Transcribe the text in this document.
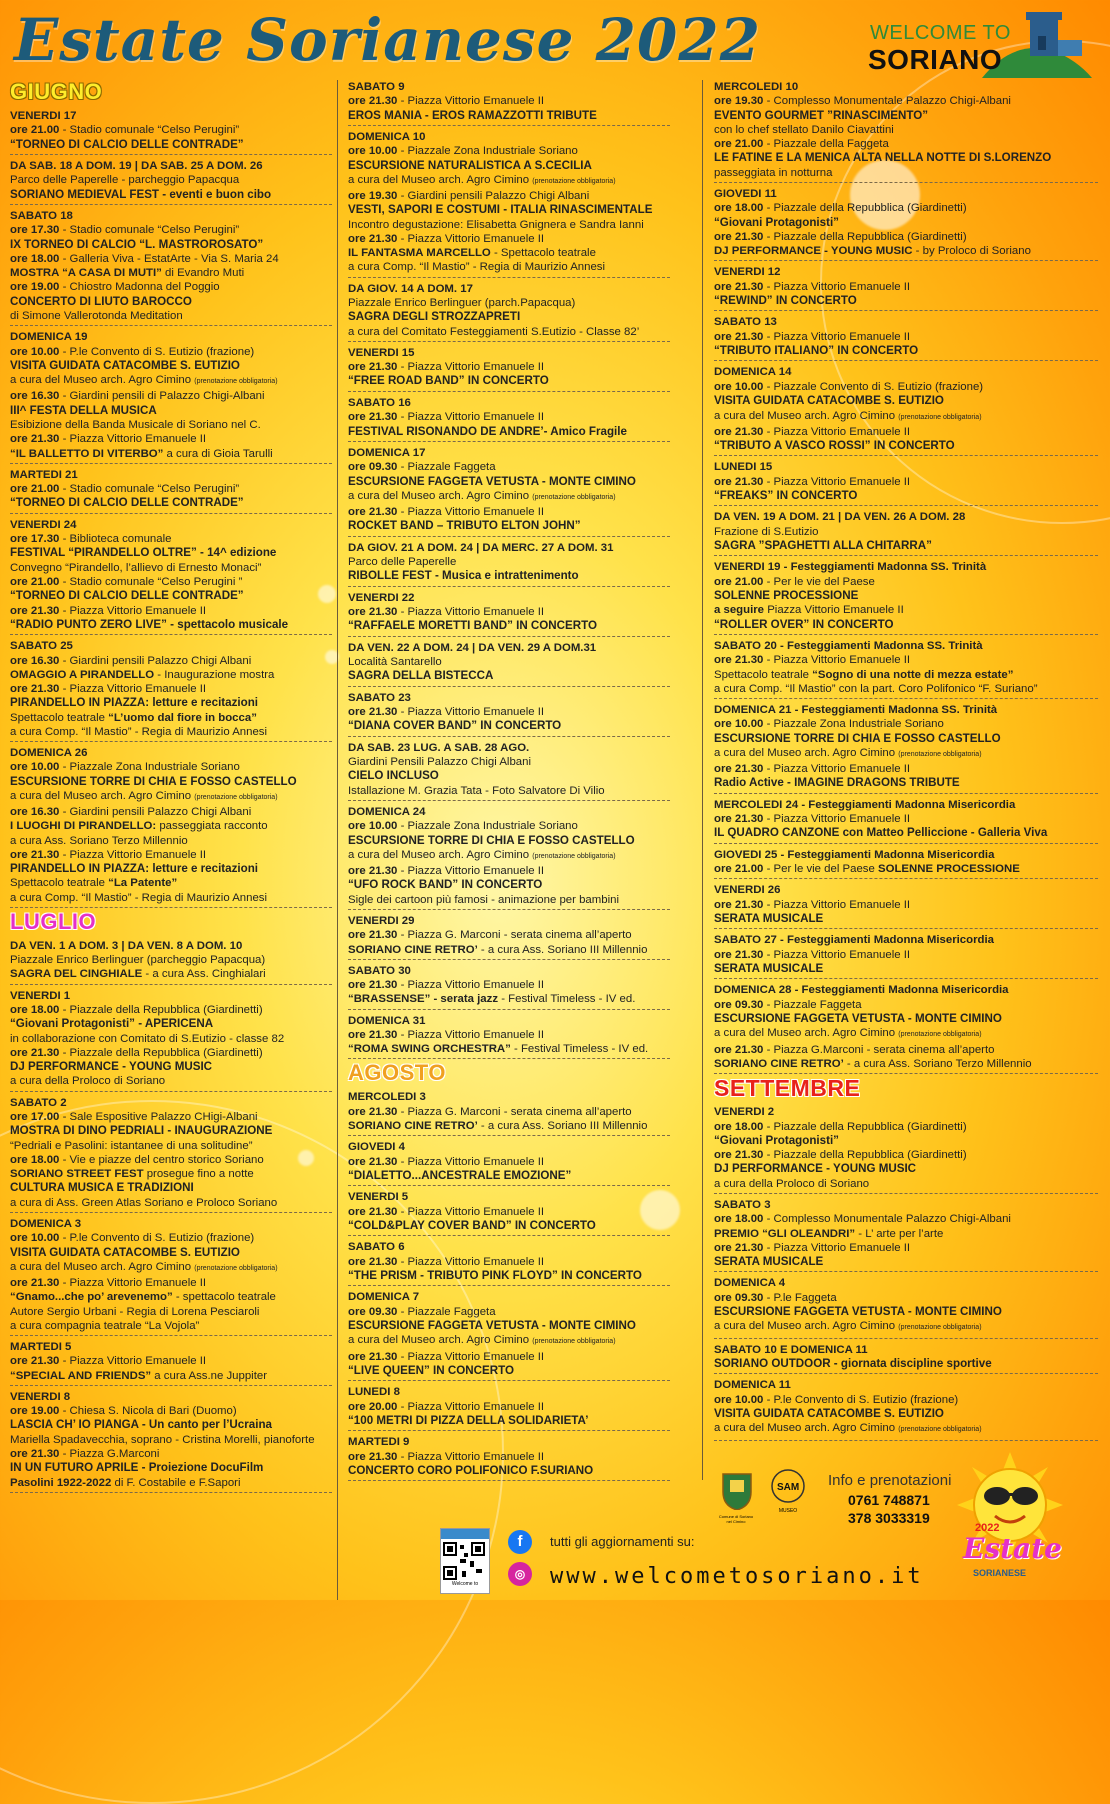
Estate Sorianese 2022	WELCOME TO
SORIANO
GIUGNO
VENERDI 17
ore 21.00 - Stadio comunale “Celso Perugini”
“TORNEO DI CALCIO DELLE CONTRADE”
DA SAB. 18 A DOM. 19 | DA SAB. 25 A DOM. 26
Parco delle Paperelle - parcheggio Papacqua
SORIANO MEDIEVAL FEST - eventi e buon cibo
SABATO 18
ore 17.30 - Stadio comunale “Celso Perugini”
IX TORNEO DI CALCIO “L. MASTROROSATO”
ore 18.00 - Galleria Viva - EstatArte - Via S. Maria 24
MOSTRA “A CASA DI MUTI” di Evandro Muti
ore 19.00 - Chiostro Madonna del Poggio
CONCERTO DI LIUTO BAROCCO
di Simone Vallerotonda Meditation
DOMENICA 19
ore 10.00 - P.le Convento di S. Eutizio (frazione)
VISITA GUIDATA CATACOMBE S. EUTIZIO
a cura del Museo arch. Agro Cimino (prenotazione obbligatoria)
ore 16.30 - Giardini pensili di Palazzo Chigi-Albani
III^ FESTA DELLA MUSICA
Esibizione della Banda Musicale di Soriano nel C.
ore 21.30 - Piazza Vittorio Emanuele II
“IL BALLETTO DI VITERBO” a cura di Gioia Tarulli
MARTEDI 21
ore 21.00 - Stadio comunale “Celso Perugini”
“TORNEO DI CALCIO DELLE CONTRADE”
VENERDI 24
ore 17.30 - Biblioteca comunale
FESTIVAL “PIRANDELLO OLTRE” - 14^ edizione
Convegno “Pirandello, l’allievo di Ernesto Monaci”
ore 21.00 - Stadio comunale “Celso Perugini ”
“TORNEO DI CALCIO DELLE CONTRADE”
ore 21.30 - Piazza Vittorio Emanuele II
“RADIO PUNTO ZERO LIVE” - spettacolo musicale
SABATO 25
ore 16.30 - Giardini pensili Palazzo Chigi Albani
OMAGGIO A PIRANDELLO - Inaugurazione mostra
ore 21.30 - Piazza Vittorio Emanuele II
PIRANDELLO IN PIAZZA: letture e recitazioni
Spettacolo teatrale “L’uomo dal fiore in bocca”
a cura Comp. “Il Mastio” - Regia di Maurizio Annesi
DOMENICA 26
ore 10.00 - Piazzale Zona Industriale Soriano
ESCURSIONE TORRE DI CHIA E FOSSO CASTELLO
a cura del Museo arch. Agro Cimino (prenotazione obbligatoria)
ore 16.30 - Giardini pensili Palazzo Chigi Albani
I LUOGHI DI PIRANDELLO: passeggiata racconto
a cura Ass. Soriano Terzo Millennio
ore 21.30 - Piazza Vittorio Emanuele II
PIRANDELLO IN PIAZZA: letture e recitazioni
Spettacolo teatrale “La Patente”
a cura Comp. “Il Mastio” - Regia di Maurizio Annesi
LUGLIO
DA VEN. 1 A DOM. 3 | DA VEN. 8 A DOM. 10
Piazzale Enrico Berlinguer (parcheggio Papacqua)
SAGRA DEL CINGHIALE - a cura Ass. Cinghialari
VENERDI 1
ore 18.00 - Piazzale della Repubblica (Giardinetti)
“Giovani Protagonisti” - APERICENA
in collaborazione con Comitato di S.Eutizio - classe 82
ore 21.30 - Piazzale della Repubblica (Giardinetti)
DJ PERFORMANCE - YOUNG MUSIC
a cura della Proloco di Soriano
SABATO 2
ore 17.00 - Sale Espositive Palazzo CHigi-Albani
MOSTRA DI DINO PEDRIALI - INAUGURAZIONE
“Pedriali e Pasolini: istantanee di una solitudine”
ore 18.00 - Vie e piazze del centro storico Soriano
SORIANO STREET FEST prosegue fino a notte
CULTURA MUSICA E TRADIZIONI
a cura di Ass. Green Atlas Soriano e Proloco Soriano
DOMENICA 3
ore 10.00 - P.le Convento di S. Eutizio (frazione)
VISITA GUIDATA CATACOMBE S. EUTIZIO
a cura del Museo arch. Agro Cimino (prenotazione obbligatoria)
ore 21.30 - Piazza Vittorio Emanuele II
“Gnamo...che po’ arevenemo” - spettacolo teatrale
Autore Sergio Urbani - Regia di Lorena Pesciaroli
a cura compagnia teatrale “La Vojola”
MARTEDI 5
ore 21.30 - Piazza Vittorio Emanuele II
“SPECIAL AND FRIENDS” a cura Ass.ne Juppiter
VENERDI 8
ore 19.00 - Chiesa S. Nicola di Bari (Duomo)
LASCIA CH’ IO PIANGA - Un canto per l’Ucraina
Mariella Spadavecchia, soprano - Cristina Morelli, pianoforte
ore 21.30 - Piazza G.Marconi
IN UN FUTURO APRILE - Proiezione DocuFilm
Pasolini 1922-2022 di F. Costabile e F.Sapori
SABATO 9
ore 21.30 - Piazza Vittorio Emanuele II
EROS MANIA - EROS RAMAZZOTTI TRIBUTE
DOMENICA 10
ore 10.00 - Piazzale Zona Industriale Soriano
ESCURSIONE NATURALISTICA A S.CECILIA
a cura del Museo arch. Agro Cimino (prenotazione obbligatoria)
ore 19.30 - Giardini pensili Palazzo Chigi Albani
VESTI, SAPORI E COSTUMI - ITALIA RINASCIMENTALE
Incontro degustazione: Elisabetta Gnignera e Sandra Ianni
ore 21.30 - Piazza Vittorio Emanuele II
IL FANTASMA MARCELLO - Spettacolo teatrale
a cura Comp. “Il Mastio” - Regia di Maurizio Annesi
DA GIOV. 14 A DOM. 17
Piazzale Enrico Berlinguer (parch.Papacqua)
SAGRA DEGLI STROZZAPRETI
a cura del Comitato Festeggiamenti S.Eutizio - Classe 82’
VENERDI 15
ore 21.30 - Piazza Vittorio Emanuele II
“FREE ROAD BAND” IN CONCERTO
SABATO 16
ore 21.30 - Piazza Vittorio Emanuele II
FESTIVAL RISONANDO DE ANDRE’- Amico Fragile
DOMENICA 17
ore 09.30 - Piazzale Faggeta
ESCURSIONE FAGGETA VETUSTA - MONTE CIMINO
a cura del Museo arch. Agro Cimino (prenotazione obbligatoria)
ore 21.30 - Piazza Vittorio Emanuele II
ROCKET BAND – TRIBUTO ELTON JOHN”
DA GIOV. 21 A DOM. 24 | DA MERC. 27 A DOM. 31
Parco delle Paperelle
RIBOLLE FEST - Musica e intrattenimento
VENERDI 22
ore 21.30 - Piazza Vittorio Emanuele II
“RAFFAELE MORETTI BAND” IN CONCERTO
DA VEN. 22 A DOM. 24 | DA VEN. 29 A DOM.31
Località Santarello
SAGRA DELLA BISTECCA
SABATO 23
ore 21.30 - Piazza Vittorio Emanuele II
“DIANA COVER BAND” IN CONCERTO
DA SAB. 23 LUG. A SAB. 28 AGO.
Giardini Pensili Palazzo Chigi Albani
CIELO INCLUSO
Istallazione M. Grazia Tata - Foto Salvatore Di Vilio
DOMENICA 24
ore 10.00 - Piazzale Zona Industriale Soriano
ESCURSIONE TORRE DI CHIA E FOSSO CASTELLO
a cura del Museo arch. Agro Cimino (prenotazione obbligatoria)
ore 21.30 - Piazza Vittorio Emanuele II
“UFO ROCK BAND” IN CONCERTO
Sigle dei cartoon più famosi - animazione per bambini
VENERDI 29
ore 21.30 - Piazza G. Marconi - serata cinema all’aperto
SORIANO CINE RETRO’ - a cura Ass. Soriano III Millennio
SABATO 30
ore 21.30 - Piazza Vittorio Emanuele II
“BRASSENSE” - serata jazz - Festival Timeless - IV ed.
DOMENICA 31
ore 21.30 - Piazza Vittorio Emanuele II
“ROMA SWING ORCHESTRA” - Festival Timeless - IV ed.
AGOSTO
MERCOLEDI 3
ore 21.30 - Piazza G. Marconi - serata cinema all’aperto
SORIANO CINE RETRO’ - a cura Ass. Soriano III Millennio
GIOVEDI 4
ore 21.30 - Piazza Vittorio Emanuele II
“DIALETTO...ANCESTRALE EMOZIONE”
VENERDI 5
ore 21.30 - Piazza Vittorio Emanuele II
“COLD&PLAY COVER BAND” IN CONCERTO
SABATO 6
ore 21.30 - Piazza Vittorio Emanuele II
“THE PRISM - TRIBUTO PINK FLOYD” IN CONCERTO
DOMENICA 7
ore 09.30 - Piazzale Faggeta
ESCURSIONE FAGGETA VETUSTA - MONTE CIMINO
a cura del Museo arch. Agro Cimino (prenotazione obbligatoria)
ore 21.30 - Piazza Vittorio Emanuele II
“LIVE QUEEN” IN CONCERTO
LUNEDI 8
ore 20.00 - Piazza Vittorio Emanuele II
“100 METRI DI PIZZA DELLA SOLIDARIETA’
MARTEDI 9
ore 21.30 - Piazza Vittorio Emanuele II
CONCERTO CORO POLIFONICO F.SURIANO
MERCOLEDI 10
ore 19.30 - Complesso Monumentale Palazzo Chigi-Albani
EVENTO GOURMET ”RINASCIMENTO”
con lo chef stellato Danilo Ciavattini
ore 21.00 - Piazzale della Faggeta
LE FATINE E LA MENICA ALTA NELLA NOTTE DI S.LORENZO
passeggiata in notturna
GIOVEDI 11
ore 18.00 - Piazzale della Repubblica (Giardinetti)
“Giovani Protagonisti”
ore 21.30 - Piazzale della Repubblica (Giardinetti)
DJ PERFORMANCE - YOUNG MUSIC - by Proloco di Soriano
VENERDI 12
ore 21.30 - Piazza Vittorio Emanuele II
“REWIND” IN CONCERTO
SABATO 13
ore 21.30 - Piazza Vittorio Emanuele II
“TRIBUTO ITALIANO” IN CONCERTO
DOMENICA 14
ore 10.00 - Piazzale Convento di S. Eutizio (frazione)
VISITA GUIDATA CATACOMBE S. EUTIZIO
a cura del Museo arch. Agro Cimino (prenotazione obbligatoria)
ore 21.30 - Piazza Vittorio Emanuele II
“TRIBUTO A VASCO ROSSI” IN CONCERTO
LUNEDI 15
ore 21.30 - Piazza Vittorio Emanuele II
“FREAKS” IN CONCERTO
DA VEN. 19 A DOM. 21 | DA VEN. 26 A DOM. 28
Frazione di S.Eutizio
SAGRA ”SPAGHETTI ALLA CHITARRA”
VENERDI 19 - Festeggiamenti Madonna SS. Trinità
ore 21.00 - Per le vie del Paese
SOLENNE PROCESSIONE
a seguire Piazza Vittorio Emanuele II
“ROLLER OVER” IN CONCERTO
SABATO 20 - Festeggiamenti Madonna SS. Trinità
ore 21.30 - Piazza Vittorio Emanuele II
Spettacolo teatrale “Sogno di una notte di mezza estate”
a cura Comp. “Il Mastio” con la part. Coro Polifonico “F. Suriano”
DOMENICA 21 - Festeggiamenti Madonna SS. Trinità
ore 10.00 - Piazzale Zona Industriale Soriano
ESCURSIONE TORRE DI CHIA E FOSSO CASTELLO
a cura del Museo arch. Agro Cimino (prenotazione obbligatoria)
ore 21.30 - Piazza Vittorio Emanuele II
Radio Active - IMAGINE DRAGONS TRIBUTE
MERCOLEDI 24 - Festeggiamenti Madonna Misericordia
ore 21.30 - Piazza Vittorio Emanuele II
IL QUADRO CANZONE con Matteo Pelliccione - Galleria Viva
GIOVEDI 25 - Festeggiamenti Madonna Misericordia
ore 21.00 - Per le vie del Paese SOLENNE PROCESSIONE
VENERDI 26
ore 21.30 - Piazza Vittorio Emanuele II
SERATA MUSICALE
SABATO 27 - Festeggiamenti Madonna Misericordia
ore 21.30 - Piazza Vittorio Emanuele II
SERATA MUSICALE
DOMENICA 28 - Festeggiamenti Madonna Misericordia
ore 09.30 - Piazzale Faggeta
ESCURSIONE FAGGETA VETUSTA - MONTE CIMINO
a cura del Museo arch. Agro Cimino (prenotazione obbligatoria)
ore 21.30 - Piazza G.Marconi - serata cinema all’aperto
SORIANO CINE RETRO’ - a cura Ass. Soriano Terzo Millennio
SETTEMBRE
VENERDI 2
ore 18.00 - Piazzale della Repubblica (Giardinetti)
“Giovani Protagonisti”
ore 21.30 - Piazzale della Repubblica (Giardinetti)
DJ PERFORMANCE - YOUNG MUSIC
a cura della Proloco di Soriano
SABATO 3
ore 18.00 - Complesso Monumentale Palazzo Chigi-Albani
PREMIO “GLI OLEANDRI” - L’ arte per l’arte
ore 21.30 - Piazza Vittorio Emanuele II
SERATA MUSICALE
DOMENICA 4
ore 09.30 - P.le Faggeta
ESCURSIONE FAGGETA VETUSTA - MONTE CIMINO
a cura del Museo arch. Agro Cimino (prenotazione obbligatoria)
SABATO 10 E DOMENICA 11
SORIANO OUTDOOR - giornata discipline sportive
DOMENICA 11
ore 10.00 - P.le Convento di S. Eutizio (frazione)
VISITA GUIDATA CATACOMBE S. EUTIZIO
a cura del Museo arch. Agro Cimino (prenotazione obbligatoria)
Welcome to
f
◎
tutti gli aggiornamenti su:
www.welcometosoriano.it
Comune di Soriano nel Cimino
SAM
MUSEO
Info e prenotazioni
0761 748871
378 3033319
2022
Estate
SORIANESE
